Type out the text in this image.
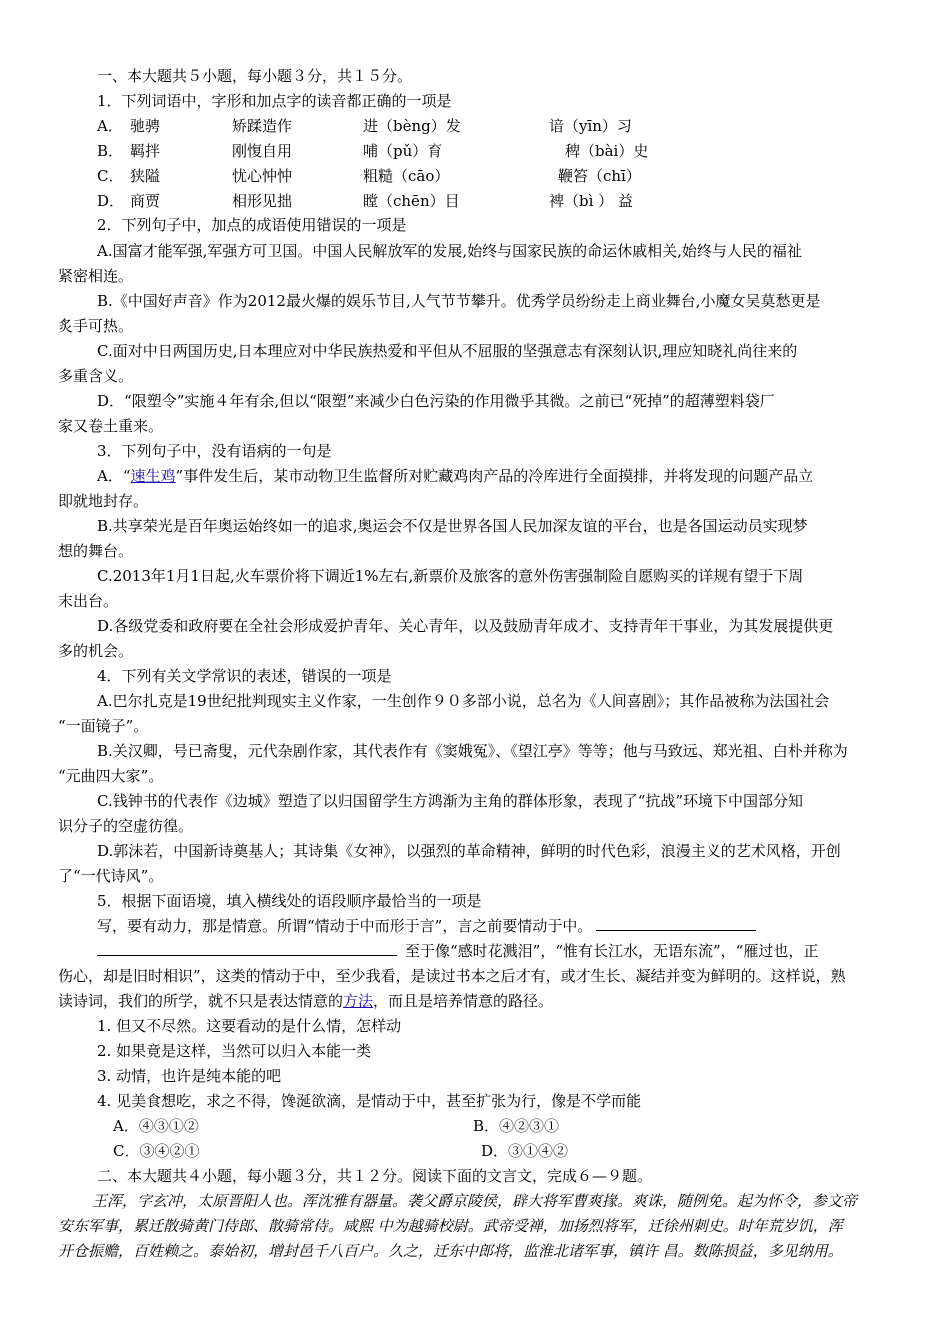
一、本大题共５小题，每小题３分，共１５分。
1．下列词语中，字形和加点字的读音都正确的一项是
A． 驰骋	矫蹂造作	进（bèng）发	谙（yīn）习
B． 羁拌	刚愎自用	哺（pǔ）育	稗（bài）史
C． 狭隘	忧心忡忡	粗糙（cāo）	鞭笞（chī）
D． 商贾	相形见拙	瞠（chēn）目	裨（bì ） 益
2．下列句子中，加点的成语使用错误的一项是
A.国富才能军强,军强方可卫国。中国人民解放军的发展,始终与国家民族的命运休戚相关,始终与人民的福祉
紧密相连。
B.《中国好声音》作为2012最火爆的娱乐节目,人气节节攀升。优秀学员纷纷走上商业舞台,小魔女吴莫愁更是
炙手可热。
C.面对中日两国历史,日本理应对中华民族热爱和平但从不屈服的坚强意志有深刻认识,理应知晓礼尚往来的
多重含义。
D．“限塑令”实施４年有余,但以“限塑”来减少白色污染的作用微乎其微。之前已“死掉”的超薄塑料袋厂
家又卷土重来。
3．下列句子中，没有语病的一句是
A．“速生鸡”事件发生后，某市动物卫生监督所对贮藏鸡肉产品的冷库进行全面摸排，并将发现的问题产品立
即就地封存。
B.共享荣光是百年奥运始终如一的追求,奥运会不仅是世界各国人民加深友谊的平台，也是各国运动员实现梦
想的舞台。
C.2013年1月1日起,火车票价将下调近1%左右,新票价及旅客的意外伤害强制险自愿购买的详规有望于下周
末出台。
D.各级党委和政府要在全社会形成爱护青年、关心青年，以及鼓励青年成才、支持青年干事业，为其发展提供更
多的机会。
4．下列有关文学常识的表述，错误的一项是
A.巴尔扎克是19世纪批判现实主义作家，一生创作９０多部小说，总名为《人间喜剧》；其作品被称为法国社会
“一面镜子”。
B.关汉卿，号已斋叟，元代杂剧作家，其代表作有《窦娥冤》、《望江亭》等等；他与马致远、郑光祖、白朴并称为
“元曲四大家”。
C.钱钟书的代表作《边城》塑造了以归国留学生方鸿渐为主角的群体形象，表现了“抗战”环境下中国部分知
识分子的空虚彷徨。
D.郭沫若，中国新诗奠基人；其诗集《女神》，以强烈的革命精神，鲜明的时代色彩，浪漫主义的艺术风格，开创
了“一代诗风”。
5．根据下面语境，填入横线处的语段顺序最恰当的一项是
写，要有动力，那是情意。所谓“情动于中而形于言”，言之前要情动于中。
至于像“感时花溅泪”，“惟有长江水，无语东流”，“雁过也，正
伤心，却是旧时相识”，这类的情动于中，至少我看，是读过书本之后才有，或才生长、凝结并变为鲜明的。这样说，熟
读诗词，我们的所学，就不只是表达情意的方法，而且是培养情意的路径。
1. 但又不尽然。这要看动的是什么情，怎样动
2. 如果竟是这样，当然可以归入本能一类
3. 动情，也许是纯本能的吧
4. 见美食想吃，求之不得，馋涎欲滴，是情动于中，甚至扩张为行，像是不学而能
A．④③①②	B．④②③①
C．③④②①	D．③①④②
二、本大题共４小题，每小题３分，共１２分。阅读下面的文言文，完成６—９题。
王浑，字玄冲，太原晋阳人也。浑沈雅有器量。袭父爵京陵侯，辟大将军曹爽掾。爽诛，随例免。起为怀令，参文帝
安东军事，累迁散骑黄门侍郎、散骑常侍。咸熙 中为越骑校尉。武帝受禅，加扬烈将军，迁徐州刺史。时年荒岁饥，浑
开仓振赡，百姓赖之。泰始初，增封邑千八百户。久之，迁东中郎将，监淮北诸军事，镇许 昌。数陈损益，多见纳用。
